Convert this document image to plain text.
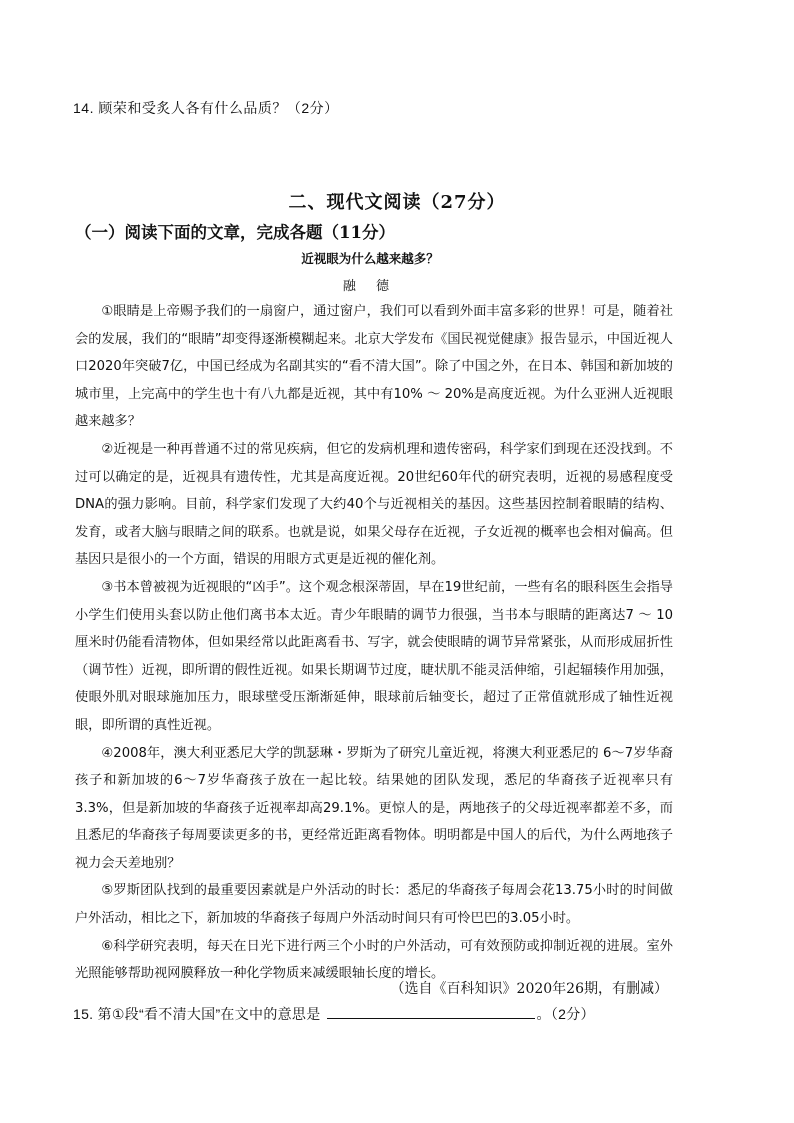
14. 顾荣和受炙人各有什么品质？（2分）
二、现代文阅读（27分）
（一）阅读下面的文章，完成各题（11分）
近视眼为什么越来越多？
融 德

①眼睛是上帝赐予我们的一扇窗户，通过窗户，我们可以看到外面丰富多彩的世界！可是，随着社会的发展，我们的“眼睛”却变得逐渐模糊起来。北京大学发布《国民视觉健康》报告显示，中国近视人口2020年突破7亿，中国已经成为名副其实的“看不清大国”。除了中国之外，在日本、韩国和新加坡的城市里，上完高中的学生也十有八九都是近视，其中有10% ～ 20%是高度近视。为什么亚洲人近视眼越来越多？

②近视是一种再普通不过的常见疾病，但它的发病机理和遗传密码，科学家们到现在还没找到。不过可以确定的是，近视具有遗传性，尤其是高度近视。20世纪60年代的研究表明，近视的易感程度受DNA的强力影响。目前，科学家们发现了大约40个与近视相关的基因。这些基因控制着眼睛的结构、发育，或者大脑与眼睛之间的联系。也就是说，如果父母存在近视，子女近视的概率也会相对偏高。但基因只是很小的一个方面，错误的用眼方式更是近视的催化剂。

③书本曾被视为近视眼的“凶手”。这个观念根深蒂固，早在19世纪前，一些有名的眼科医生会指导小学生们使用头套以防止他们离书本太近。青少年眼睛的调节力很强，当书本与眼睛的距离达7 ～ 10厘米时仍能看清物体，但如果经常以此距离看书、写字，就会使眼睛的调节异常紧张，从而形成屈折性（调节性）近视，即所谓的假性近视。如果长期调节过度，睫状肌不能灵活伸缩，引起辐辏作用加强，使眼外肌对眼球施加压力，眼球壁受压渐渐延伸，眼球前后轴变长，超过了正常值就形成了轴性近视眼，即所谓的真性近视。

④2008年，澳大利亚悉尼大学的凯瑟琳・罗斯为了研究儿童近视，将澳大利亚悉尼的 6～7岁华裔孩子和新加坡的6～7岁华裔孩子放在一起比较。结果她的团队发现，悉尼的华裔孩子近视率只有3.3%，但是新加坡的华裔孩子近视率却高29.1%。更惊人的是，两地孩子的父母近视率都差不多，而且悉尼的华裔孩子每周要读更多的书，更经常近距离看物体。明明都是中国人的后代，为什么两地孩子视力会天差地别？

⑤罗斯团队找到的最重要因素就是户外活动的时长：悉尼的华裔孩子每周会花13.75小时的时间做户外活动，相比之下，新加坡的华裔孩子每周户外活动时间只有可怜巴巴的3.05小时。

⑥科学研究表明，每天在日光下进行两三个小时的户外活动，可有效预防或抑制近视的进展。室外光照能够帮助视网膜释放一种化学物质来减缓眼轴长度的增长。

（选自《百科知识》2020年26期，有删减）
15. 第①段“看不清大国”在文中的意思是	。（2分）
